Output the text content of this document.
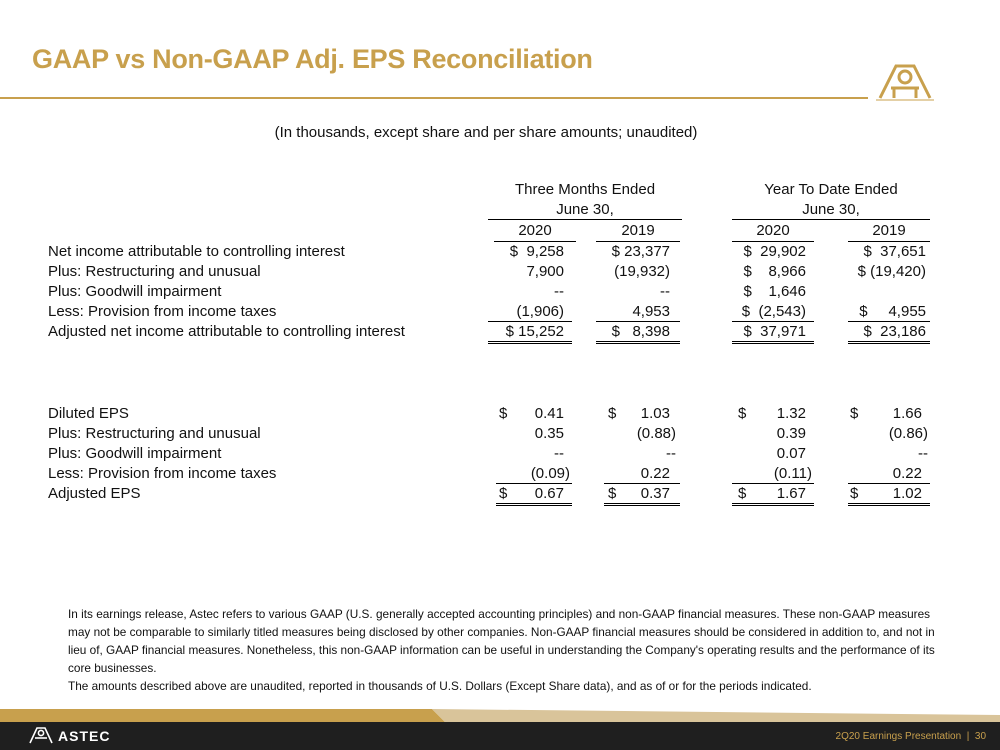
GAAP vs Non-GAAP Adj. EPS Reconciliation
(In thousands, except share and per share amounts; unaudited)
Three Months Ended
June 30,
Year To Date Ended
June 30,
2020	2019	2020	2019
Net income attributable to controlling interest	$  9,258	$ 23,377	$  29,902	$  37,651
Plus: Restructuring and unusual	7,900	(19,932)	$    8,966	$ (19,420)
Plus: Goodwill impairment	--	--	$    1,646
Less: Provision from income taxes	(1,906)	4,953	$  (2,543)	$     4,955
Adjusted net income attributable to controlling interest	$ 15,252	$   8,398	$  37,971	$  23,186
Diluted EPS	$	0.41	$	1.03	$	1.32	$	1.66
Plus: Restructuring and unusual	0.35	(0.88)	0.39	(0.86)
Plus: Goodwill impairment	--	--	0.07	--
Less: Provision from income taxes	(0.09)	0.22	(0.11)	0.22
Adjusted EPS	$	0.67	$	0.37	$	1.67	$	1.02

In its earnings release, Astec refers to various GAAP (U.S. generally accepted accounting principles) and non-GAAP financial measures. These non-GAAP measures may not be comparable to similarly titled measures being disclosed by other companies. Non-GAAP financial measures should be considered in addition to, and not in lieu of, GAAP financial measures. Nonetheless, this non-GAAP information can be useful in understanding the Company's operating results and the performance of its core businesses.

The amounts described above are unaudited, reported in thousands of U.S. Dollars (Except Share data), and as of or for the periods indicated.

ASTEC	2Q20 Earnings Presentation  |  30
